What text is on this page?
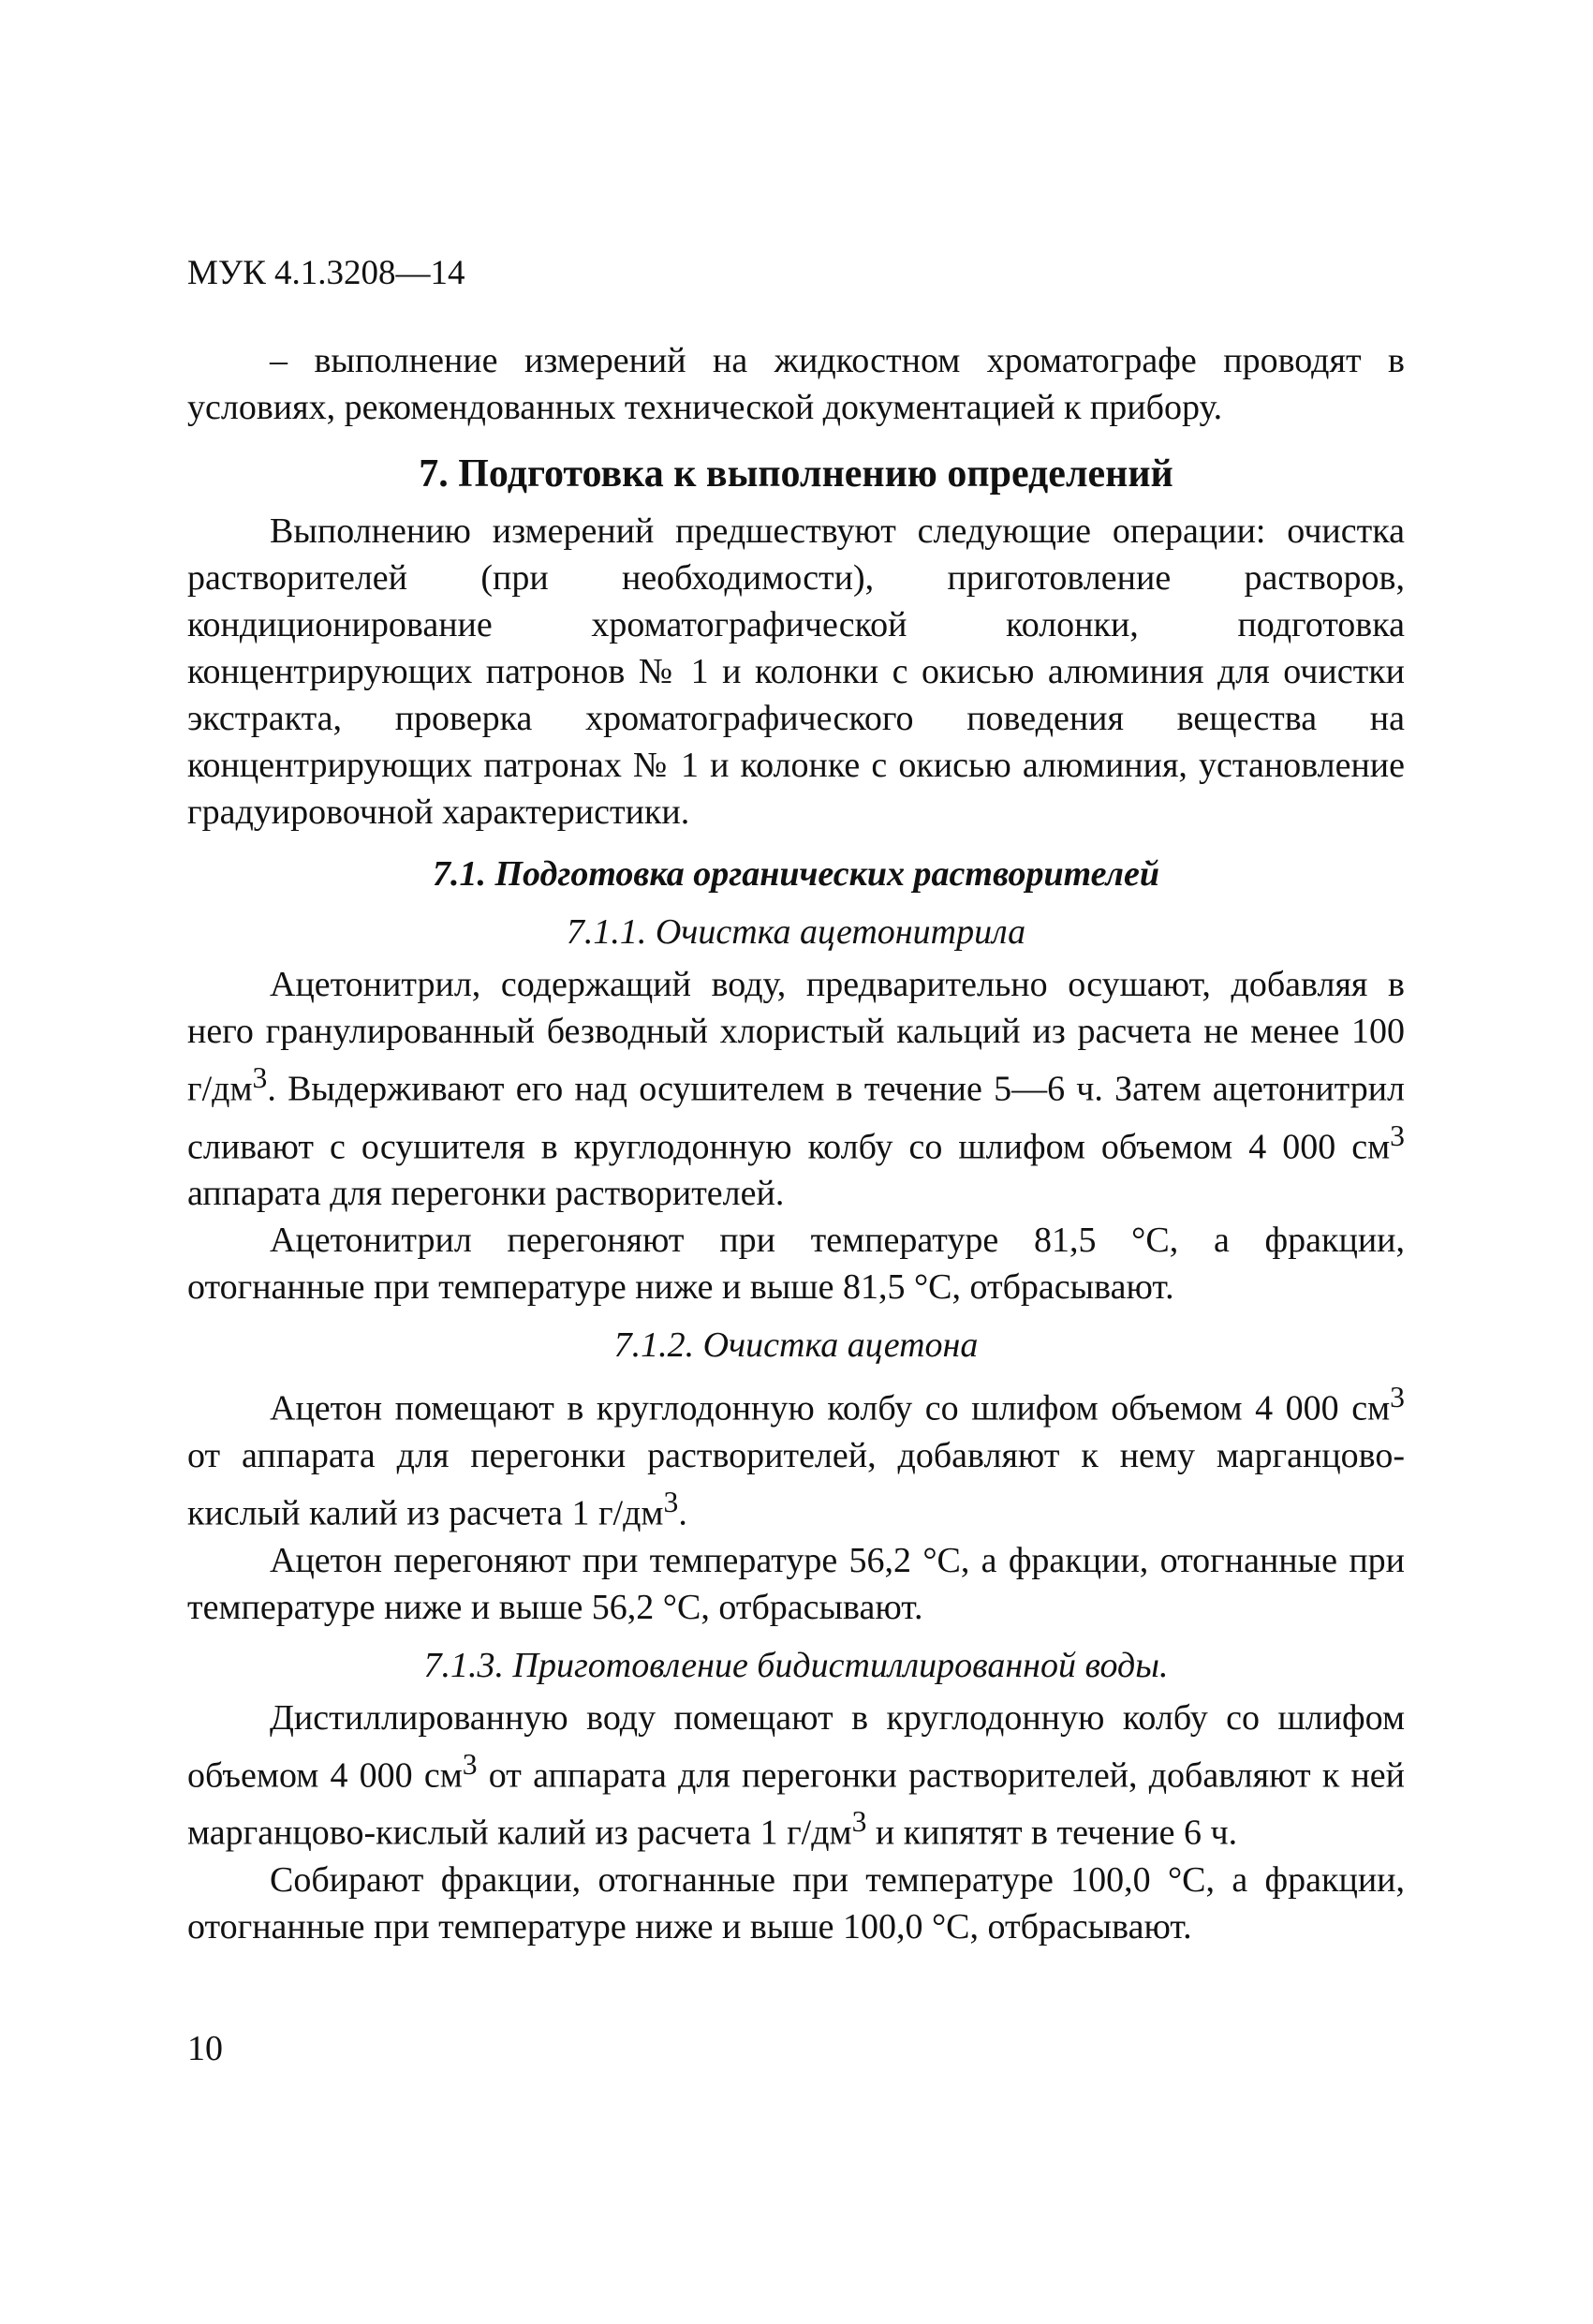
МУК 4.1.3208—14

– выполнение измерений на жидкостном хроматографе проводят в условиях, рекомендованных технической документацией к прибору.

7. Подготовка к выполнению определений

Выполнению измерений предшествуют следующие операции: очистка растворителей (при необходимости), приготовление растворов, кондиционирование хроматографической колонки, подготовка концентрирующих патронов № 1 и колонки с окисью алюминия для очистки экстракта, проверка хроматографического поведения вещества на концентрирующих патронах № 1 и колонке с окисью алюминия, установление градуировочной характеристики.

7.1. Подготовка органических растворителей
7.1.1. Очистка ацетонитрила

Ацетонитрил, содержащий воду, предварительно осушают, добавляя в него гранулированный безводный хлористый кальций из расчета не менее 100 $г/дм^3$. Выдерживают его над осушителем в течение 5—6 ч. Затем ацетонитрил сливают с осушителя в круглодонную колбу со шлифом объемом 4 000 $см^3$ аппарата для перегонки растворителей.

Ацетонитрил перегоняют при температуре 81,5 °С, а фракции, отогнанные при температуре ниже и выше 81,5 °С, отбрасывают.

7.1.2. Очистка ацетона

Ацетон помещают в круглодонную колбу со шлифом объемом 4 000 $см^3$ от аппарата для перегонки растворителей, добавляют к нему марганцово-кислый калий из расчета 1 $г/дм^3$.

Ацетон перегоняют при температуре 56,2 °С, а фракции, отогнанные при температуре ниже и выше 56,2 °С, отбрасывают.

7.1.3. Приготовление бидистиллированной воды.

Дистиллированную воду помещают в круглодонную колбу со шлифом объемом 4 000 $см^3$ от аппарата для перегонки растворителей, добавляют к ней марганцово-кислый калий из расчета 1 $г/дм^3$ и кипятят в течение 6 ч.

Собирают фракции, отогнанные при температуре 100,0 °С, а фракции, отогнанные при температуре ниже и выше 100,0 °С, отбрасывают.

10
